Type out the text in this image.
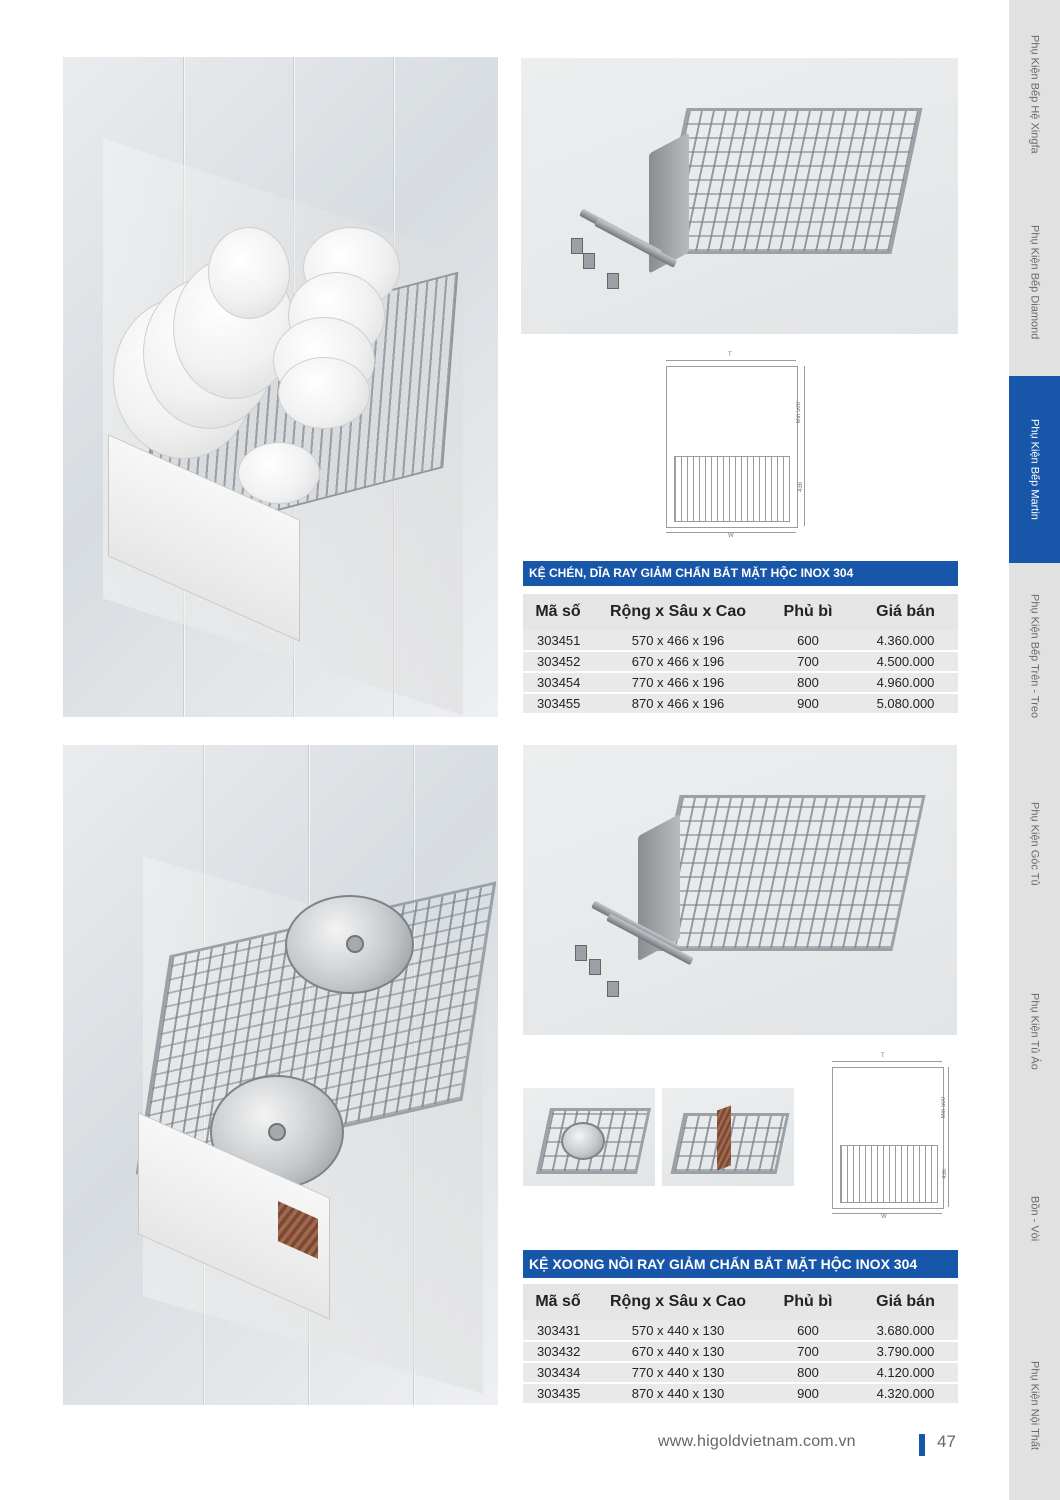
T
Min 500
436
W
KỆ CHÉN, DĨA RAY GIẢM CHẤN BẮT MẶT HỘC INOX 304
Mã số	Rộng x Sâu x Cao	Phủ bì	Giá bán
303451	570 x 466 x 196	600	4.360.000
303452	670 x 466 x 196	700	4.500.000
303454	770 x 466 x 196	800	4.960.000
303455	870 x 466 x 196	900	5.080.000
T
Min 500
436
W
KỆ XOONG NỒI RAY GIẢM CHẤN BẮT MẶT HỘC INOX 304
Mã số	Rộng x Sâu x Cao	Phủ bì	Giá bán
303431	570 x 440 x 130	600	3.680.000
303432	670 x 440 x 130	700	3.790.000
303434	770 x 440 x 130	800	4.120.000
303435	870 x 440 x 130	900	4.320.000
www.higoldvietnam.com.vn	47
Phụ Kiện Bếp Hệ Xingfa
Phụ Kiện Bếp Diamond
Phụ Kiện Bếp Martin
Phụ Kiện Bếp Trên - Treo
Phụ Kiện Góc Tủ
Phụ Kiện Tủ Áo
Bồn - Vòi
Phụ Kiện Nội Thất
